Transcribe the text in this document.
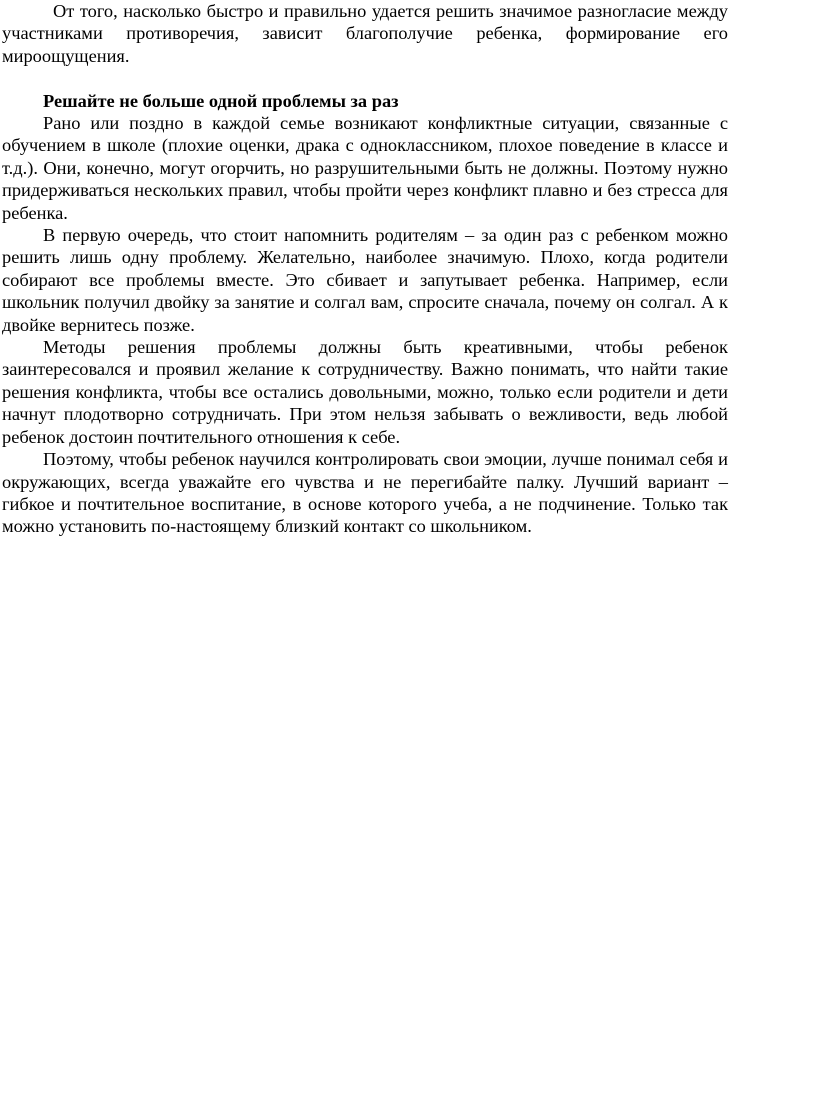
От того, насколько быстро и правильно удается решить значимое разногласие между участниками противоречия, зависит благополучие ребенка, формирование его мироощущения.

Решайте не больше одной проблемы за раз

Рано или поздно в каждой семье возникают конфликтные ситуации, связанные с обучением в школе (плохие оценки, драка с одноклассником, плохое поведение в классе и т.д.). Они, конечно, могут огорчить, но разрушительными быть не должны. Поэтому нужно придерживаться нескольких правил, чтобы пройти через конфликт плавно и без стресса для ребенка.

В первую очередь, что стоит напомнить родителям – за один раз с ребенком можно решить лишь одну проблему. Желательно, наиболее значимую. Плохо, когда родители собирают все проблемы вместе. Это сбивает и запутывает ребенка. Например, если школьник получил двойку за занятие и солгал вам, спросите сначала, почему он солгал. А к двойке вернитесь позже.

Методы решения проблемы должны быть креативными, чтобы ребенок заинтересовался и проявил желание к сотрудничеству. Важно понимать, что найти такие решения конфликта, чтобы все остались довольными, можно, только если родители и дети начнут плодотворно сотрудничать. При этом нельзя забывать о вежливости, ведь любой ребенок достоин почтительного отношения к себе.

Поэтому, чтобы ребенок научился контролировать свои эмоции, лучше понимал себя и окружающих, всегда уважайте его чувства и не перегибайте палку. Лучший вариант – гибкое и почтительное воспитание, в основе которого учеба, а не подчинение. Только так можно установить по-настоящему близкий контакт со школьником.
